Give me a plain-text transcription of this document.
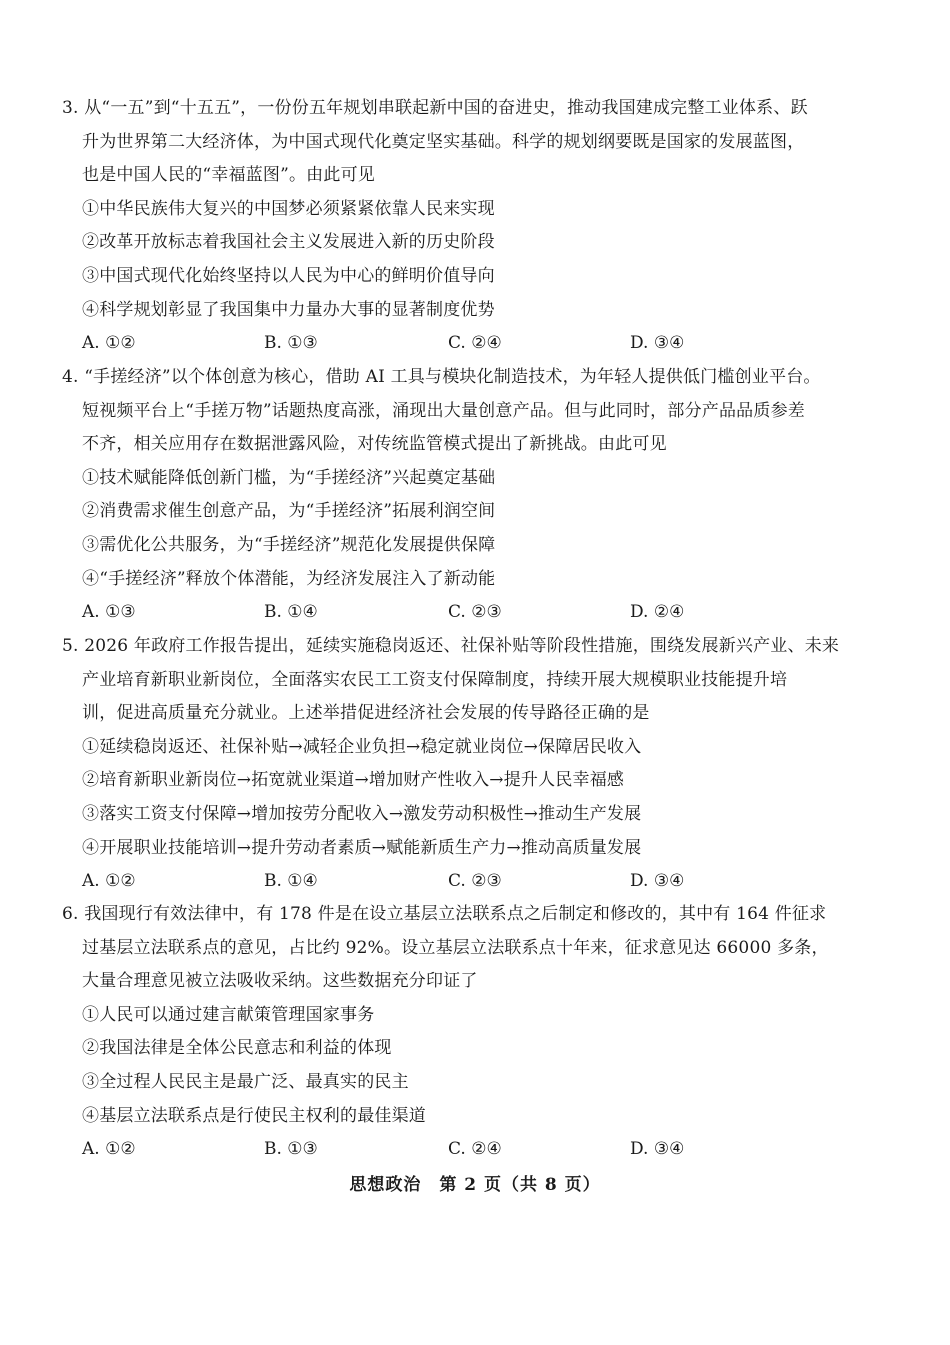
3. 从“一五”到“十五五”，一份份五年规划串联起新中国的奋进史，推动我国建成完整工业体系、跃
升为世界第二大经济体，为中国式现代化奠定坚实基础。科学的规划纲要既是国家的发展蓝图，
也是中国人民的“幸福蓝图”。由此可见
①中华民族伟大复兴的中国梦必须紧紧依靠人民来实现
②改革开放标志着我国社会主义发展进入新的历史阶段
③中国式现代化始终坚持以人民为中心的鲜明价值导向
④科学规划彰显了我国集中力量办大事的显著制度优势
A. ①②	B. ①③	C. ②④	D. ③④
4. “手搓经济”以个体创意为核心，借助 AI 工具与模块化制造技术，为年轻人提供低门槛创业平台。
短视频平台上“手搓万物”话题热度高涨，涌现出大量创意产品。但与此同时，部分产品品质参差
不齐，相关应用存在数据泄露风险，对传统监管模式提出了新挑战。由此可见
①技术赋能降低创新门槛，为“手搓经济”兴起奠定基础
②消费需求催生创意产品，为“手搓经济”拓展利润空间
③需优化公共服务，为“手搓经济”规范化发展提供保障
④“手搓经济”释放个体潜能，为经济发展注入了新动能
A. ①③	B. ①④	C. ②③	D. ②④
5. 2026 年政府工作报告提出，延续实施稳岗返还、社保补贴等阶段性措施，围绕发展新兴产业、未来
产业培育新职业新岗位，全面落实农民工工资支付保障制度，持续开展大规模职业技能提升培
训，促进高质量充分就业。上述举措促进经济社会发展的传导路径正确的是
①延续稳岗返还、社保补贴→减轻企业负担→稳定就业岗位→保障居民收入
②培育新职业新岗位→拓宽就业渠道→增加财产性收入→提升人民幸福感
③落实工资支付保障→增加按劳分配收入→激发劳动积极性→推动生产发展
④开展职业技能培训→提升劳动者素质→赋能新质生产力→推动高质量发展
A. ①②	B. ①④	C. ②③	D. ③④
6. 我国现行有效法律中，有 178 件是在设立基层立法联系点之后制定和修改的，其中有 164 件征求
过基层立法联系点的意见，占比约 92%。设立基层立法联系点十年来，征求意见达 66000 多条，
大量合理意见被立法吸收采纳。这些数据充分印证了
①人民可以通过建言献策管理国家事务
②我国法律是全体公民意志和利益的体现
③全过程人民民主是最广泛、最真实的民主
④基层立法联系点是行使民主权利的最佳渠道
A. ①②	B. ①③	C. ②④	D. ③④
思想政治　第 2 页（共 8 页）
